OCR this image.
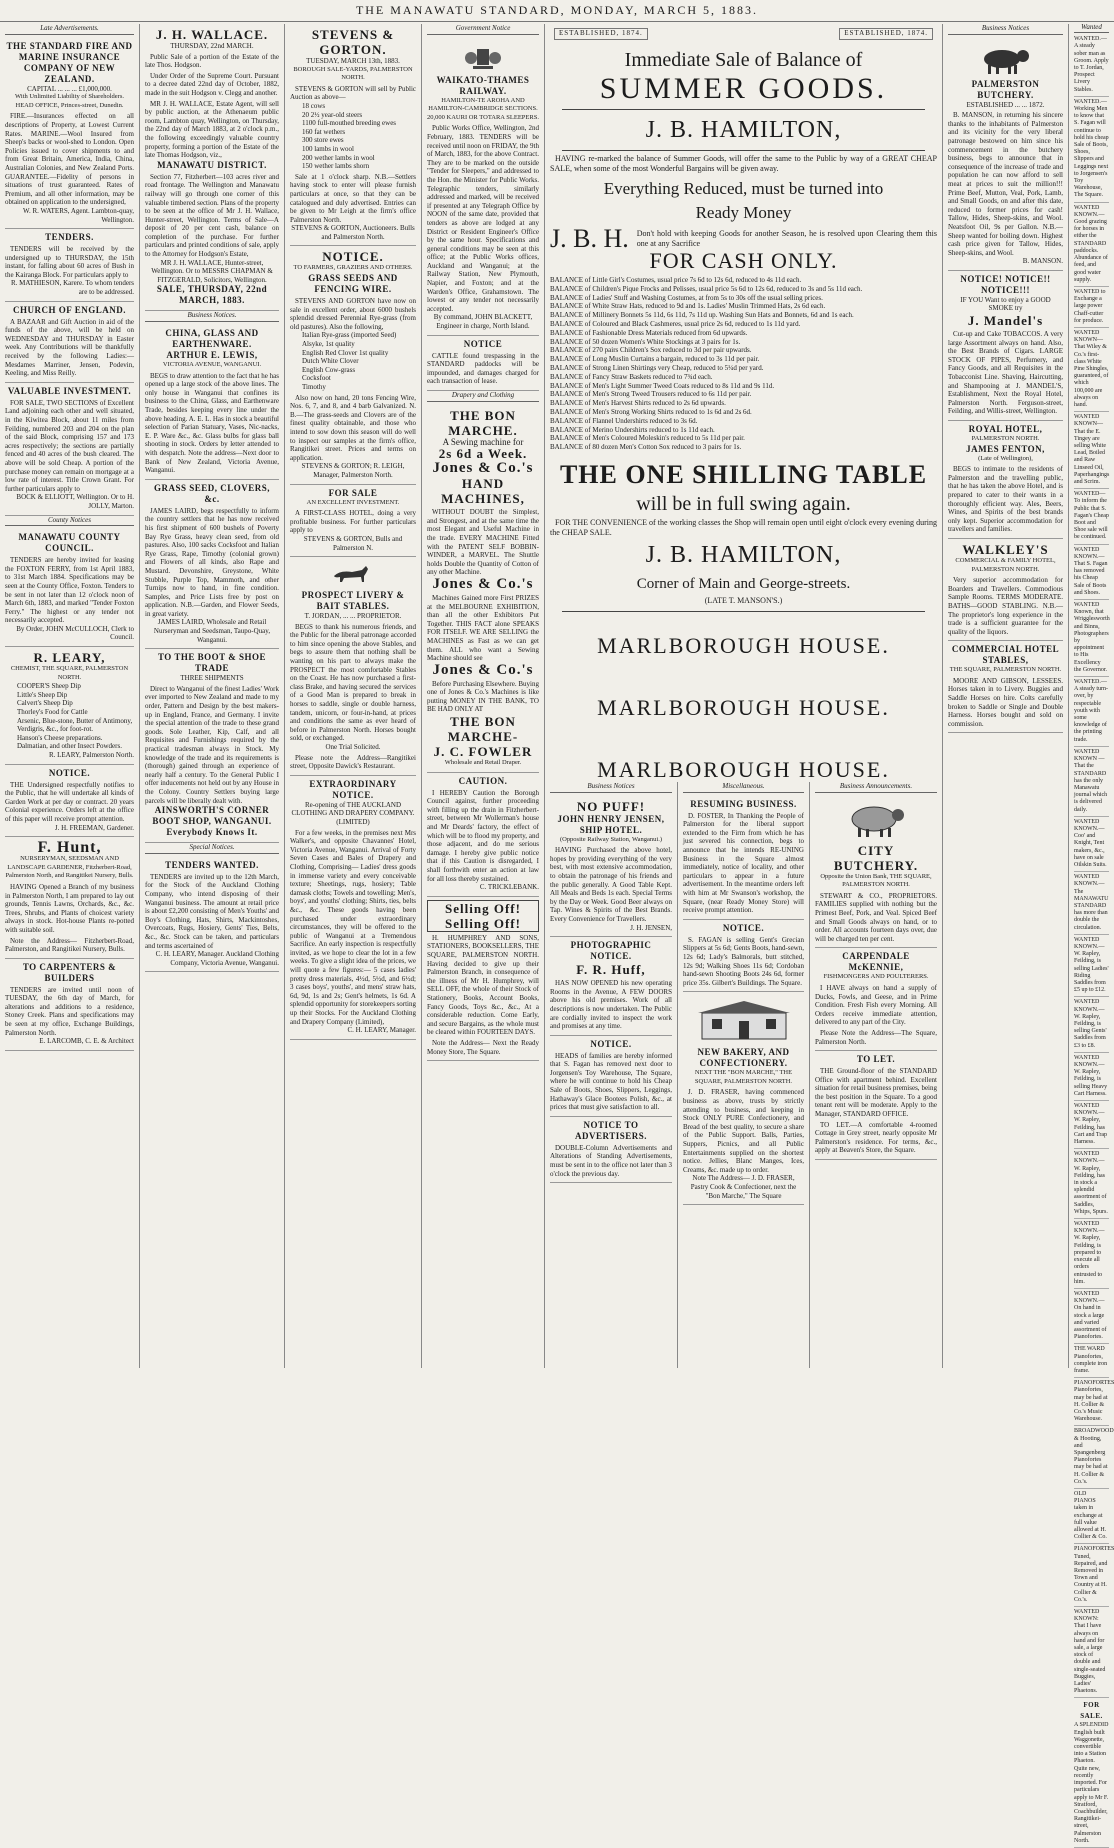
THE MANAWATU STANDARD, MONDAY, MARCH 5, 1883.
Late Advertisements.
THE STANDARD FIRE AND MARINE INSURANCE COMPANY OF NEW ZEALAND.
CAPITAL ... ... ... £1,000,000.
With Unlimited Liability of Shareholders.
HEAD OFFICE, Princes-street, Dunedin.
FIRE.—Insurances effected on all descriptions of Property, at Lowest Current Rates. MARINE.—Wool Insured from Sheep's backs or wool-shed to London. Open Policies issued to cover shipments to and from Great Britain, America, India, China, Australian Colonies, and New Zealand Ports. GUARANTEE.—Fidelity of persons in situations of trust guaranteed. Rates of Premium, and all other information, may be obtained on application to the undersigned,
W. R. WATERS, Agent. Lambton-quay, Wellington.
TENDERS.
TENDERS will be received by the undersigned up to THURSDAY, the 15th instant, for falling about 60 acres of Bush in the Kairanga Block. For particulars apply to
R. MATHIESON, Karere. To whom tenders are to be addressed.
CHURCH OF ENGLAND.
A BAZAAR and Gift Auction in aid of the funds of the above, will be held on WEDNESDAY and THURSDAY in Easter week. Any Contributions will be thankfully received by the following Ladies:—Mesdames Marriner, Jensen, Podevin, Keeling, and Miss Reilly.
VALUABLE INVESTMENT.
FOR SALE, TWO SECTIONS of Excellent Land adjoining each other and well situated, in the Kiwitea Block, about 11 miles from Feilding, numbered 203 and 204 on the plan of the said Block, comprising 157 and 173 acres respectively; the sections are partially fenced and 40 acres of the bush cleared. The above will be sold Cheap. A portion of the purchase money can remain on mortgage at a low rate of interest. Title Crown Grant. For further particulars apply to
BOCK & ELLIOTT, Wellington. Or to H. JOLLY, Marton.
County Notices
MANAWATU COUNTY COUNCIL.
TENDERS are hereby invited for leasing the FOXTON FERRY, from 1st April 1883, to 31st March 1884. Specifications may be seen at the County Office, Foxton. Tenders to be sent in not later than 12 o'clock noon of March 6th, 1883, and marked "Tender Foxton Ferry." The highest or any tender not necessarily accepted.
By Order, JOHN McCULLOCH, Clerk to Council.
R. LEARY,
CHEMIST, THE SQUARE, PALMERSTON NORTH.
COOPER'S Sheep Dip
Little's Sheep Dip
Calvert's Sheep Dip
Thorley's Food for Cattle
Arsenic, Blue-stone, Butter of Antimony, Verdigris, &c., for foot-rot.
Hanson's Cheese preparations.
Dalmatian, and other Insect Powders.
R. LEARY, Palmerston North.
NOTICE.
THE Undersigned respectfully notifies to the Public, that he will undertake all kinds of Garden Work at per day or contract. 20 years Colonial experience. Orders left at the office of this paper will receive prompt attention.
J. H. FREEMAN, Gardener.
F. Hunt,
NURSERYMAN, SEEDSMAN AND LANDSCAPE GARDENER, Fitzherbert-Road, Palmerston North, and Rangitikei Nursery, Bulls.
HAVING Opened a Branch of my business in Palmerston North, I am prepared to lay out grounds, Tennis Lawns, Orchards, &c., &c. Trees, Shrubs, and Plants of choicest variety always in stock. Hot-house Plants re-potted with suitable soil.
Note the Address— Fitzherbert-Road, Palmerston, and Rangitikei Nursery, Bulls.
TO CARPENTERS & BUILDERS
TENDERS are invited until noon of TUESDAY, the 6th day of March, for alterations and additions to a residence, Stoney Creek. Plans and specifications may be seen at my office, Exchange Buildings, Palmerston North.
E. LARCOMB, C. E. & Architect
J. H. WALLACE.
THURSDAY, 22nd MARCH.
Public Sale of a portion of the Estate of the late Thos. Hodgson.
Under Order of the Supreme Court. Pursuant to a decree dated 22nd day of October, 1882, made in the suit Hodgson v. Clegg and another.
MR J. H. WALLACE, Estate Agent, will sell by public auction, at the Athenaeum public room, Lambton quay, Wellington, on Thursday, the 22nd day of March 1883, at 2 o'clock p.m., the following exceedingly valuable country property, forming a portion of the Estate of the late Thomas Hodgson, viz.,
MANAWATU DISTRICT.
Section 77, Fitzherbert—103 acres river and road frontage. The Wellington and Manawatu railway will go through one corner of this valuable timbered section. Plans of the property to be seen at the office of Mr J. H. Wallace, Hunter-street, Wellington. Terms of Sale—A deposit of 20 per cent cash, balance on completion of the purchase. For further particulars and printed conditions of sale, apply to the Attorney for Hodgson's Estate,
MR J. H. WALLACE, Hunter-street, Wellington. Or to MESSRS CHAPMAN & FITZGERALD, Solicitors, Wellington.
SALE, THURSDAY, 22nd MARCH, 1883.
Business Notices.
CHINA, GLASS AND EARTHENWARE.
ARTHUR E. LEWIS,
VICTORIA AVENUE, WANGANUI.
BEGS to draw attention to the fact that he has opened up a large stock of the above lines. The only house in Wanganui that confines its business to the China, Glass, and Earthenware Trade, besides keeping every line under the above heading. A. E. L. Has in stock a beautiful selection of Parian Statuary, Vases, Nic-nacks, E. P. Ware &c., &c. Glass bulbs for glass ball shooting in stock. Orders by letter attended to with despatch. Note the address—Next door to Bank of New Zealand, Victoria Avenue, Wanganui.
GRASS SEED, CLOVERS, &c.
JAMES LAIRD, begs respectfully to inform the country settlers that he has now received his first shipment of 600 bushels of Poverty Bay Rye Grass, heavy clean seed, from old pastures. Also, 100 sacks Cocksfoot and Italian Rye Grass, Rape, Timothy (colonial grown) and Flowers of all kinds, also Rape and Mustard. Devonshire, Greystone, White Stubble, Purple Top, Mammoth, and other Turnips now to hand, in fine condition. Samples, and Price Lists free by post on application. N.B.—Garden, and Flower Seeds, in great variety.
JAMES LAIRD, Wholesale and Retail Nurseryman and Seedsman, Taupo-Quay, Wanganui.
TO THE BOOT & SHOE TRADE
THREE SHIPMENTS
Direct to Wanganui of the finest Ladies' Work ever imported to New Zealand and made to my order, Pattern and Design by the best makers-up in England, France, and Germany. I invite the special attention of the trade to these grand goods. Sole Leather, Kip, Calf, and all Requisites and Furnishings required by the practical tradesman always in Stock. My knowledge of the trade and its requirements is (thorough) gained through an experience of nearly half a century. To the General Public I offer inducements not held out by any House in the Colony. Country Settlers buying large parcels will be liberally dealt with.
AINSWORTH'S CORNER BOOT SHOP, WANGANUI. Everybody Knows It.
Special Notices.
TENDERS WANTED.
TENDERS are invited up to the 12th March, for the Stock of the Auckland Clothing Company, who intend disposing of their Wanganui business. The amount at retail price is about £2,200 consisting of Men's Youths' and Boy's Clothing, Hats, Shirts, Mackintoshes, Overcoats, Rugs, Hosiery, Gents' Ties, Belts, &c., &c. Stock can be taken, and particulars and terms ascertained of
C. H. LEARY, Manager. Auckland Clothing Company, Victoria Avenue, Wanganui.
STEVENS & GORTON.
TUESDAY, MARCH 13th, 1883.
BOROUGH SALE-YARDS, PALMERSTON NORTH.
STEVENS & GORTON will sell by Public Auction as above—
18 cows
20 2½ year-old steers
1100 full-mouthed breeding ewes
160 fat wethers
300 store ewes
100 lambs in wool
200 wether lambs in wool
150 wether lambs shorn
Sale at 1 o'clock sharp. N.B.—Settlers having stock to enter will please furnish particulars at once, so that they can be catalogued and duly advertised. Entries can be given to Mr Leigh at the firm's office Palmerston North.
STEVENS & GORTON, Auctioneers. Bulls and Palmerston North.
NOTICE.
TO FARMERS, GRAZIERS AND OTHERS.
GRASS SEEDS AND FENCING WIRE.
STEVENS AND GORTON have now on sale in excellent order, about 6000 bushels splendid dressed Perennial Rye-grass (from old pastures). Also the following,
Italian Rye-grass (imported Seed)
Alsyke, 1st quality
English Red Clover 1st quality
Dutch White Clover
English Cow-grass
Cocksfoot
Timothy
Also now on hand, 20 tons Fencing Wire, Nos. 6, 7, and 8, and 4 barb Galvanized. N. B.—The grass-seeds and Clovers are of the finest quality obtainable, and those who intend to sow down this season will do well to inspect our samples at the firm's office, Rangitikei street. Prices and terms on application.
STEVENS & GORTON; R. LEIGH, Manager, Palmerston North.
FOR SALE
AN EXCELLENT INVESTMENT.
A FIRST-CLASS HOTEL, doing a very profitable business. For further particulars apply to
STEVENS & GORTON, Bulls and Palmerston N.
PROSPECT LIVERY & BAIT STABLES.
T. JORDAN, ... ... PROPRIETOR.
BEGS to thank his numerous friends, and the Public for the liberal patronage accorded to him since opening the above Stables, and begs to assure them that nothing shall be wanting on his part to always make the PROSPECT the most comfortable Stables on the Coast. He has now purchased a first-class Brake, and having secured the services of a Good Man is prepared to break in horses to saddle, single or double harness, tandem, unicorn, or four-in-hand, at prices and conditions the same as ever heard of before in Palmerston North. Horses bought sold, or exchanged.
One Trial Solicited.
Please note the Address—Rangitikei street, Opposite Dawick's Restaurant.
EXTRAORDINARY NOTICE.
Re-opening of THE AUCKLAND CLOTHING AND DRAPERY COMPANY. (LIMITED)
For a few weeks, in the premises next Mrs Walker's, and opposite Chavannes' Hotel, Victoria Avenue, Wanganui. Arrival of Forty Seven Cases and Bales of Drapery and Clothing, Comprising— Ladies' dress goods in immense variety and every conceivable texture; Sheetings, rugs, hosiery; Table damask cloths; Towels and towelling; Men's, boys', and youths' clothing; Shirts, ties, belts &c., &c. These goods having been purchased under extraordinary circumstances, they will be offered to the public of Wanganui at a Tremendous Sacrifice. An early inspection is respectfully invited, as we hope to clear the lot in a few weeks. To give a slight idea of the prices, we will quote a few figures:— 5 cases ladies' pretty dress materials, 4½d, 5½d, and 6½d; 3 cases boys', youths', and mens' straw hats, 6d, 9d, 1s and 2s; Gent's helmets, 1s 6d. A splendid opportunity for storekeepers sorting up their Stocks. For the Auckland Clothing and Drapery Company (Limited),
C. H. LEARY, Manager.
Government Notice
WAIKATO-THAMES RAILWAY.
HAMILTON-TE AROHA AND HAMILTON-CAMBRIDGE SECTIONS.
20,000 KAURI OR TOTARA SLEEPERS.
Public Works Office, Wellington, 2nd February, 1883. TENDERS will be received until noon on FRIDAY, the 9th of March, 1883, for the above Contract. They are to be marked on the outside "Tender for Sleepers," and addressed to the Hon. the Minister for Public Works. Telegraphic tenders, similarly addressed and marked, will be received if presented at any Telegraph Office by NOON of the same date, provided that tenders as above are lodged at any District or Resident Engineer's Office by the same hour. Specifications and general conditions may be seen at this office; at the Public Works offices, Auckland and Wanganui; at the Railway Station, New Plymouth, Napier, and Foxton; and at the Warden's Office, Grahamstown. The lowest or any tender not necessarily accepted.
By command, JOHN BLACKETT, Engineer in charge, North Island.
NOTICE
CATTLE found trespassing in the STANDARD paddocks will be impounded, and damages charged for each transaction of lease.
Drapery and Clothing
THE BON MARCHE.
A Sewing machine for
2s 6d a Week.
Jones & Co.'s
HAND MACHINES,
WITHOUT DOUBT the Simplest, and Strongest, and at the same time the most Elegant and Useful Machine in the trade. EVERY MACHINE Fitted with the PATENT SELF BOBBIN-WINDER, a MARVEL. The Shuttle holds Double the Quantity of Cotton of any other Machine.
Jones & Co.'s
Machines Gained more First PRIZES at the MELBOURNE EXHIBITION, than all the other Exhibitors Put Together. THIS FACT alone SPEAKS FOR ITSELF. WE ARE SELLING the MACHINES as Fast as we can get them. ALL who want a Sewing Machine should see
Jones & Co.'s
Before Purchasing Elsewhere. Buying one of Jones & Co.'s Machines is like putting MONEY IN THE BANK, TO BE HAD ONLY AT
THE BON MARCHE-
J. C. FOWLER
Wholesale and Retail Draper.
CAUTION.
I HEREBY Caution the Borough Council against, further proceeding with filling up the drain in Fitzherbert-street, between Mr Wollerman's house and Mr Deards' factory, the effect of which will be to flood my property, and those adjacent, and do me serious damage. I hereby give public notice that if this Caution is disregarded, I shall forthwith enter an action at law for all loss thereby sustained.
C. TRICKLEBANK.
Selling Off! Selling Off!
H. HUMPHREY AND SONS, STATIONERS, BOOKSELLERS, THE SQUARE, PALMERSTON NORTH. Having decided to give up their Palmerston Branch, in consequence of the illness of Mr H. Humphrey, will SELL OFF, the whole of their Stock of Stationery, Books, Account Books, Fancy Goods, Toys &c., &c., At a considerable reduction. Come Early, and secure Bargains, as the whole must be cleared within FOURTEEN DAYS.
Note the Address— Next the Ready Money Store, The Square.
ESTABLISHED, 1874.	ESTABLISHED, 1874.
Immediate Sale of Balance of
SUMMER GOODS.
J. B. HAMILTON,
HAVING re-marked the balance of Summer Goods, will offer the same to the Public by way of a GREAT CHEAP SALE, when some of the most Wonderful Bargains will be given away.
Everything Reduced, must be turned into
Ready Money
J. B. H. Don't hold with keeping Goods for another Season, he is resolved upon Clearing them this one at any Sacrifice
FOR CASH ONLY.
BALANCE of Little Girl's Costumes, usual price 7s 6d to 12s 6d, reduced to 4s 11d each.
BALANCE of Children's Pique Frocks and Pelisses, usual price 5s 6d to 12s 6d, reduced to 3s and 5s 11d each.
BALANCE of Ladies' Stuff and Washing Costumes, at from 5s to 30s off the usual selling prices.
BALANCE of White Straw Hats, reduced to 9d and 1s. Ladies' Muslin Trimmed Hats, 2s 6d each.
BALANCE of Millinery Bonnets 5s 11d, 6s 11d, 7s 11d up. Washing Sun Hats and Bonnets, 6d and 1s each.
BALANCE of Coloured and Black Cashmeres, usual price 2s 6d, reduced to 1s 11d yard.
BALANCE of Fashionable Dress Materials reduced from 6d upwards.
BALANCE of 50 dozen Women's White Stockings at 3 pairs for 1s.
BALANCE of 270 pairs Children's Sox reduced to 3d per pair upwards.
BALANCE of Long Muslin Curtains a bargain, reduced to 3s 11d per pair.
BALANCE of Strong Linen Shirtings very Cheap, reduced to 5¼d per yard.
BALANCE of Fancy Straw Baskets reduced to 7¾d each.
BALANCE of Men's Light Summer Tweed Coats reduced to 8s 11d and 9s 11d.
BALANCE of Men's Strong Tweed Trousers reduced to 6s 11d per pair.
BALANCE of Men's Harvest Shirts reduced to 2s 6d upwards.
BALANCE of Men's Strong Working Shirts reduced to 1s 6d and 2s 6d.
BALANCE of Flannel Undershirts reduced to 3s 6d.
BALANCE of Merino Undershirts reduced to 1s 11d each.
BALANCE of Men's Coloured Moleskin's reduced to 5s 11d per pair.
BALANCE of 80 dozen Men's Cotton Sox reduced to 3 pairs for 1s.
THE ONE SHILLING TABLE
will be in full swing again.
FOR THE CONVENIENCE of the working classes the Shop will remain open until eight o'clock every evening during the CHEAP SALE.
J. B. HAMILTON,
Corner of Main and George-streets.
(LATE T. MANSON'S.)
MARLBOROUGH HOUSE.
MARLBOROUGH HOUSE.
MARLBOROUGH HOUSE.
Business Notices
NO PUFF!
JOHN HENRY JENSEN, SHIP HOTEL.
(Opposite Railway Station, Wanganui.)
HAVING Purchased the above hotel, hopes by providing everything of the very best, with most extensive accommodation, to obtain the patronage of his friends and the public generally. A Good Table Kept. All Meals and Beds 1s each. Special Terms by the Day or Week. Good Beer always on Tap. Wines & Spirits of the Best Brands. Every Convenience for Travellers.
J. H. JENSEN,
PHOTOGRAPHIC NOTICE.
F. R. Huff,
HAS NOW OPENED his new operating Rooms in the Avenue, A FEW DOORS above his old premises. Work of all descriptions is now undertaken. The Public are cordially invited to inspect the work and promises at any time.
NOTICE.
HEADS of families are hereby informed that S. Fagan has removed next door to Jorgensen's Toy Warehouse, The Square, where he will continue to hold his Cheap Sale of Boots, Shoes, Slippers, Leggings, Hathaway's Glace Bootees Polish, &c., at prices that must give satisfaction to all.
NOTICE TO ADVERTISERS.
DOUBLE-Column Advertisements and Alterations of Standing Advertisements, must be sent in to the office not later than 3 o'clock the previous day.
Miscellaneous.
RESUMING BUSINESS.
D. FOSTER, In Thanking the People of Palmerston for the liberal support extended to the Firm from which he has just severed his connection, begs to announce that he intends RE-UNING Business in the Square almost immediately, notice of locality, and other particulars to appear in a future advertisement. In the meantime orders left with him at Mr Swanson's workshop, the Square, (near Ready Money Store) will receive prompt attention.
NOTICE.
S. FAGAN is selling Gent's Grecian Slippers at 5s 6d; Gents Boots, hand-sewn, 12s 6d; Lady's Balmorals, butt stitched, 12s 9d; Walking Shoes 11s 6d; Cordoban hand-sewn Shooting Boots 24s 6d, former price 35s. Gilbert's Buildings. The Square.
NEW BAKERY, AND CONFECTIONERY.
NEXT THE "BON MARCHE," THE SQUARE, PALMERSTON NORTH.
J. D. FRASER, having commenced business as above, trusts by strictly attending to business, and keeping in Stock ONLY PURE Confectionery, and Bread of the best quality, to secure a share of the Public Support. Balls, Parties, Suppers, Picnics, and all Public Entertainments supplied on the shortest notice. Jellies, Blanc Manges, Ices, Creams, &c. made up to order.
Note The Address— J. D. FRASER, Pastry Cook & Confectioner, next the "Bon Marche," The Square
Business Announcements.
CITY BUTCHERY.
Opposite the Union Bank, THE SQUARE, PALMERSTON NORTH.
STEWART & CO., PROPRIETORS. FAMILIES supplied with nothing but the Primest Beef, Pork, and Veal. Spiced Beef and Small Goods always on hand, or to order. All accounts fourteen days over, due will be charged ten per cent.
CARPENDALE McKENNIE,
FISHMONGERS AND POULTERERS.
I HAVE always on hand a supply of Ducks, Fowls, and Geese, and in Prime Condition. Fresh Fish every Morning. All Orders receive immediate attention, delivered to any part of the City.
Please Note the Address—The Square, Palmerston North.
TO LET.
THE Ground-floor of the STANDARD Office with apartment behind. Excellent situation for retail business premises, being the best position in the Square. To a good tenant rent will be moderate. Apply to the Manager, STANDARD OFFICE.
TO LET.—A comfortable 4-roomed Cottage in Grey street, nearly opposite Mr Palmerston's residence. For terms, &c., apply at Beaven's Store, the Square.
Business Notices
PALMERSTON BUTCHERY.
ESTABLISHED ... ... 1872.
B. MANSON, in returning his sincere thanks to the inhabitants of Palmerston and its vicinity for the very liberal patronage bestowed on him since his commencement in the butchery business, begs to announce that in consequence of the increase of trade and population he can now afford to sell meat at prices to suit the million!!! Prime Beef, Mutton, Veal, Pork, Lamb, and Small Goods, on and after this date, reduced to former prices for cash! Tallow, Hides, Sheep-skins, and Wool. Neatsfoot Oil, 9s per Gallon. N.B.—Sheep wanted for boiling down. Highest cash price given for Tallow, Hides, Sheep-skins, and Wool.
B. MANSON.
NOTICE! NOTICE!! NOTICE!!!
IF YOU Want to enjoy a GOOD SMOKE try
J. Mandel's
Cut-up and Cake TOBACCOS. A very large Assortment always on hand. Also, the Best Brands of Cigars. LARGE STOCK OF PIPES, Perfumery, and Fancy Goods, and all Requisites in the Tobacconist Line. Shaving, Haircutting, and Shampooing at J. MANDEL'S, Establishment, Next the Royal Hotel, Palmerston North. Ferguson-street, Feilding, and Willis-street, Wellington.
ROYAL HOTEL,
PALMERSTON NORTH.
JAMES FENTON,
(Late of Wellington),
BEGS to intimate to the residents of Palmerston and the travelling public, that he has taken the above Hotel, and is prepared to cater to their wants in a thoroughly efficient way. Ales, Beers, Wines, and Spirits of the best brands only kept. Superior accommodation for travellers and families.
WALKLEY'S
COMMERCIAL & FAMILY HOTEL, PALMERSTON NORTH.
Very superior accommodation for Boarders and Travellers. Commodious Sample Rooms. TERMS MODERATE. BATHS—GOOD STABLING. N.B.—The proprietor's long experience in the trade is a sufficient guarantee for the quality of the liquors.
COMMERCIAL HOTEL STABLES,
THE SQUARE, PALMERSTON NORTH.
MOORE AND GIBSON, LESSEES. Horses taken in to Livery. Buggies and Saddle Horses on hire. Colts carefully broken to Saddle or Single and Double Harness. Horses bought and sold on commission.
Wanted
WANTED.—A steady sober man as Groom. Apply to T. Jordan, Prospect Livery Stables.
WANTED.—Working Men to know that S. Fagan will continue to hold his cheap Sale of Boots, Shoes, Slippers and Leggings next to Jorgensen's Toy Warehouse, The Square.
WANTED KNOWN.— Good grazing for horses in either the STANDARD paddocks. Abundance of feed, and good water supply.
WANTED to Exchange a large power Chaff-cutter for produce.
WANTED KNOWN—That Wiley & Co.'s first-class White Pine Shingles, guaranteed, of which 100,000 are always on hand.
WANTED KNOWN—That the E. Tingey are selling White Lead, Boiled and Raw Linseed Oil, Paperhangings and Scrim.
WANTED—To inform the Public that S. Fagan's Cheap Boot and Shoe sale will be continued.
WANTED KNOWN.— That S. Fagan has removed his Cheap Sale of Boots and Shoes.
WANTED Known, that Wrigglesworth and Binns, Photographers by appointment to His Excellency the Governor.
WANTED.—A steady turn-over, by respectable youth with some knowledge of the printing trade.
WANTED KNOWN — That the STANDARD has the only Manawatu journal which is delivered daily.
WANTED KNOWN.—Coo' and Knight, Tent makers, &c., have on sale Oilskin Suits.
WANTED KNOWN.—The MANAWATU STANDARD has more than double the circulation.
WANTED KNOWN.—W. Rapley, Feilding, is selling Ladies' Riding Saddles from £5 up to £12.
WANTED KNOWN.—W. Rapley, Feilding, is selling Gents' Saddles from £3 to £8.
WANTED KNOWN.—W. Rapley, Feilding, is selling Heavy Cart Harness.
WANTED KNOWN.—W. Rapley, Feilding, has Cart and Trap Harness.
WANTED KNOWN.—W. Rapley, Feilding, has in stock a splendid assortment of Saddles, Whips, Spurs.
WANTED KNOWN.—W. Rapley, Feilding, is prepared to execute all orders entrusted to him.
WANTED KNOWN.—On hand in stock a large and varied assortment of Pianofortes.
THE WARD Pianofortes, complete iron frame.
PIANOFORTES Pianofortes, may be had at H. Collier & Co.'s Music Warehouse.
BROADWOOD & Hooting, and Spangenberg Pianofortes may be had at H. Collier & Co.'s.
OLD PIANOS taken in exchange at full value allowed at H. Collier & Co.
PIANOFORTES Tuned, Repaired, and Removed in Town and Country at H. Collier & Co.'s.
WANTED KNOWN: That I have always on hand and for sale, a large stock of double and single-seated Buggies, Ladies' Phaetons.
FOR SALE.
A SPLENDID English built Waggonette, convertible into a Station Phaeton. Quite new, recently imported. For particulars apply to Mr F. Stratford, Coachbuilder, Rangitikei-street, Palmerston North.
